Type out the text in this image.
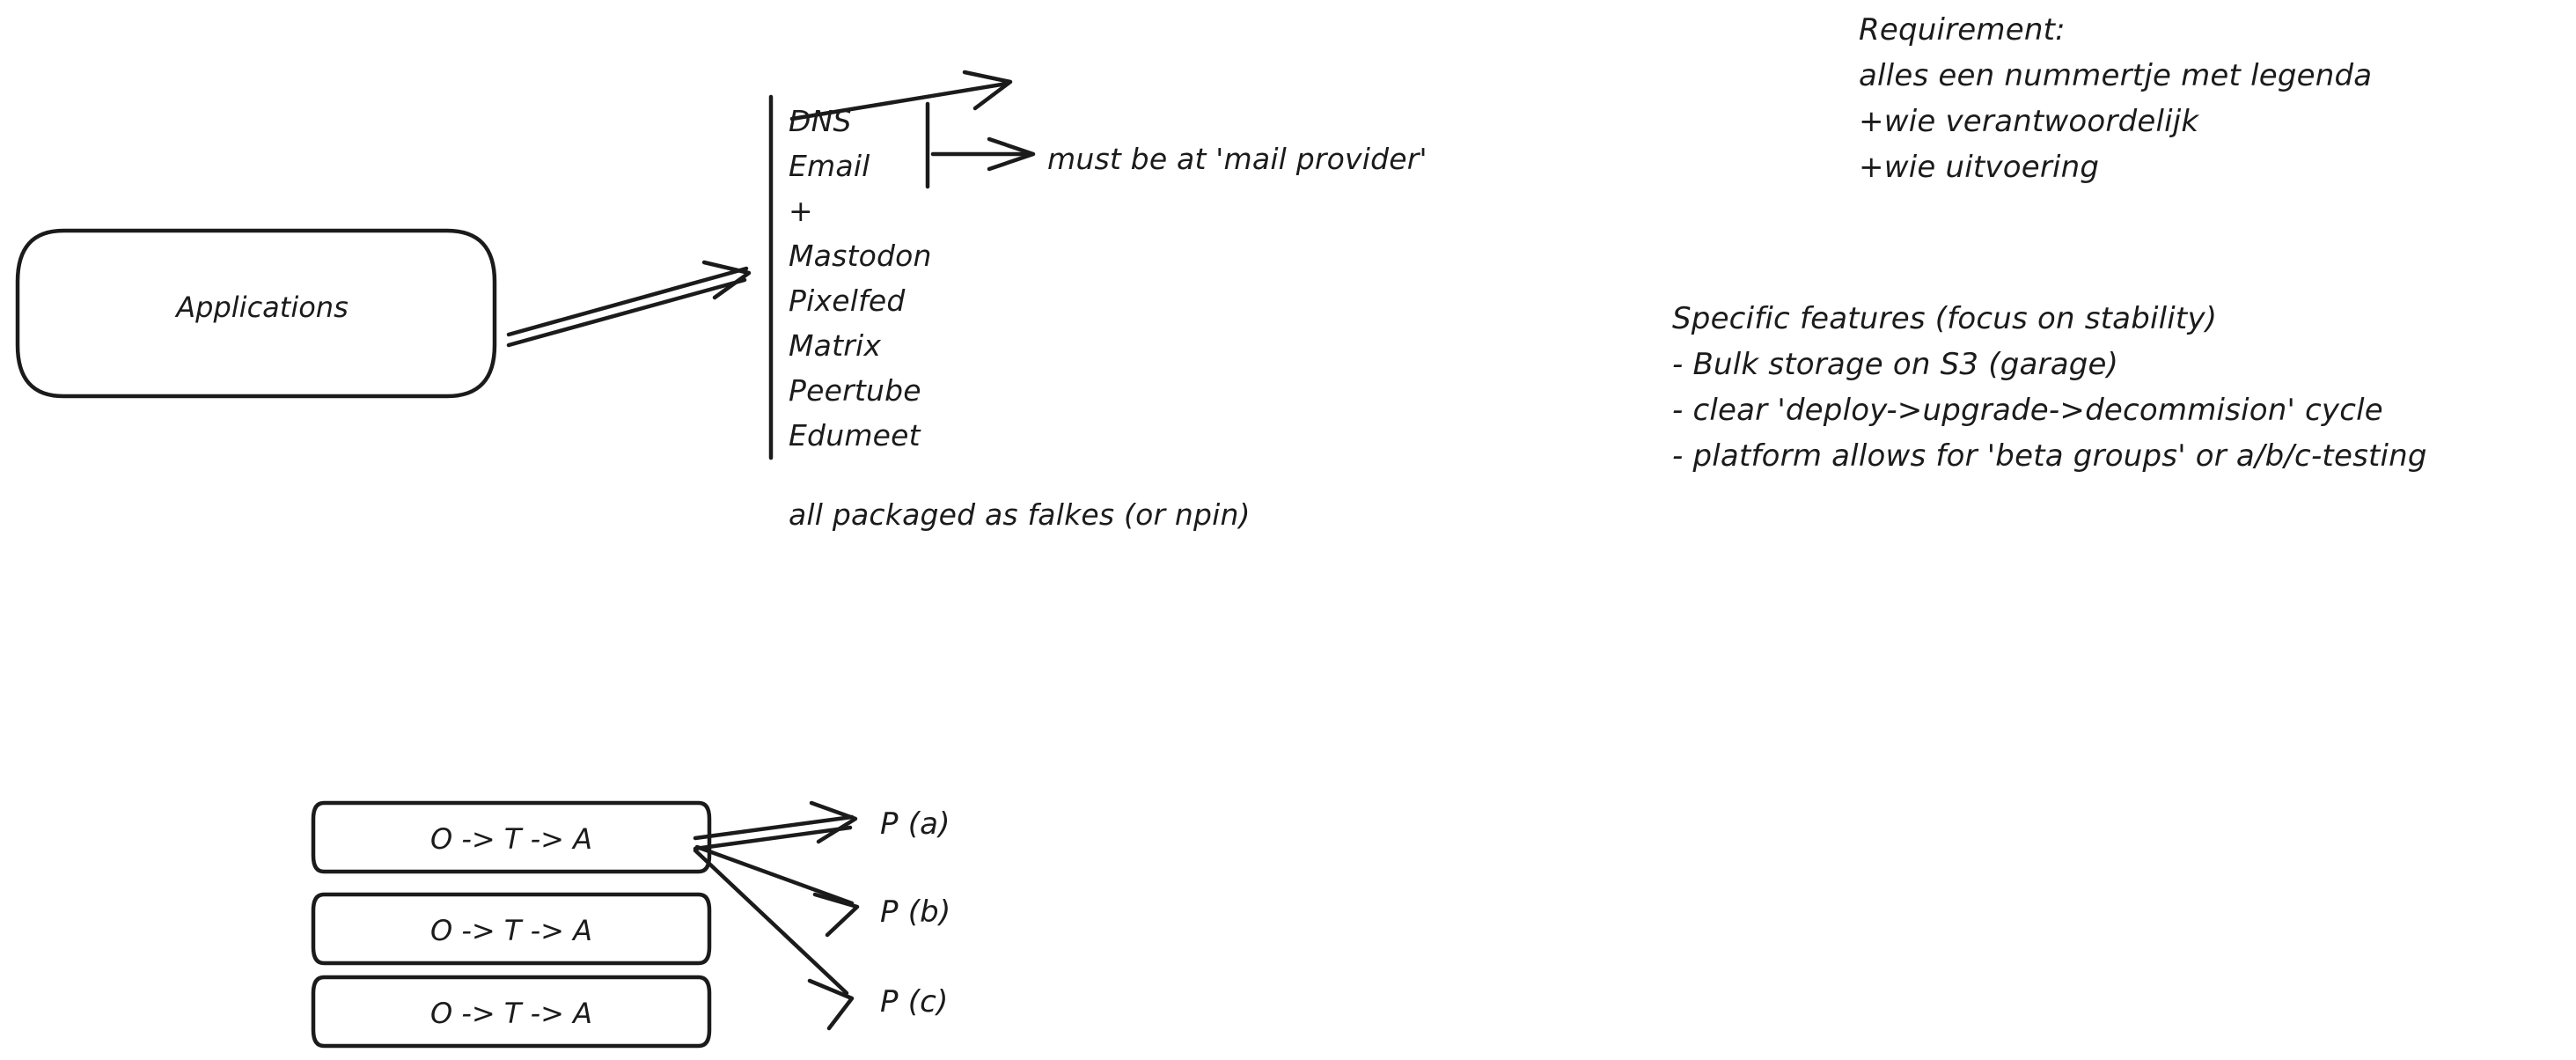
Applications
DNS
Email
+
Mastodon
Pixelfed
Matrix
Peertube
Edumeet
must be at 'mail provider'
all packaged as falkes (or npin)
Requirement:
alles een nummertje met legenda
+wie verantwoordelijk
+wie uitvoering
Specific features (focus on stability)
- Bulk storage on S3 (garage)
- clear 'deploy->upgrade->decommision' cycle
- platform allows for 'beta groups' or a/b/c-testing
O -> T -> A
O -> T -> A
O -> T -> A
P (a)
P (b)
P (c)
